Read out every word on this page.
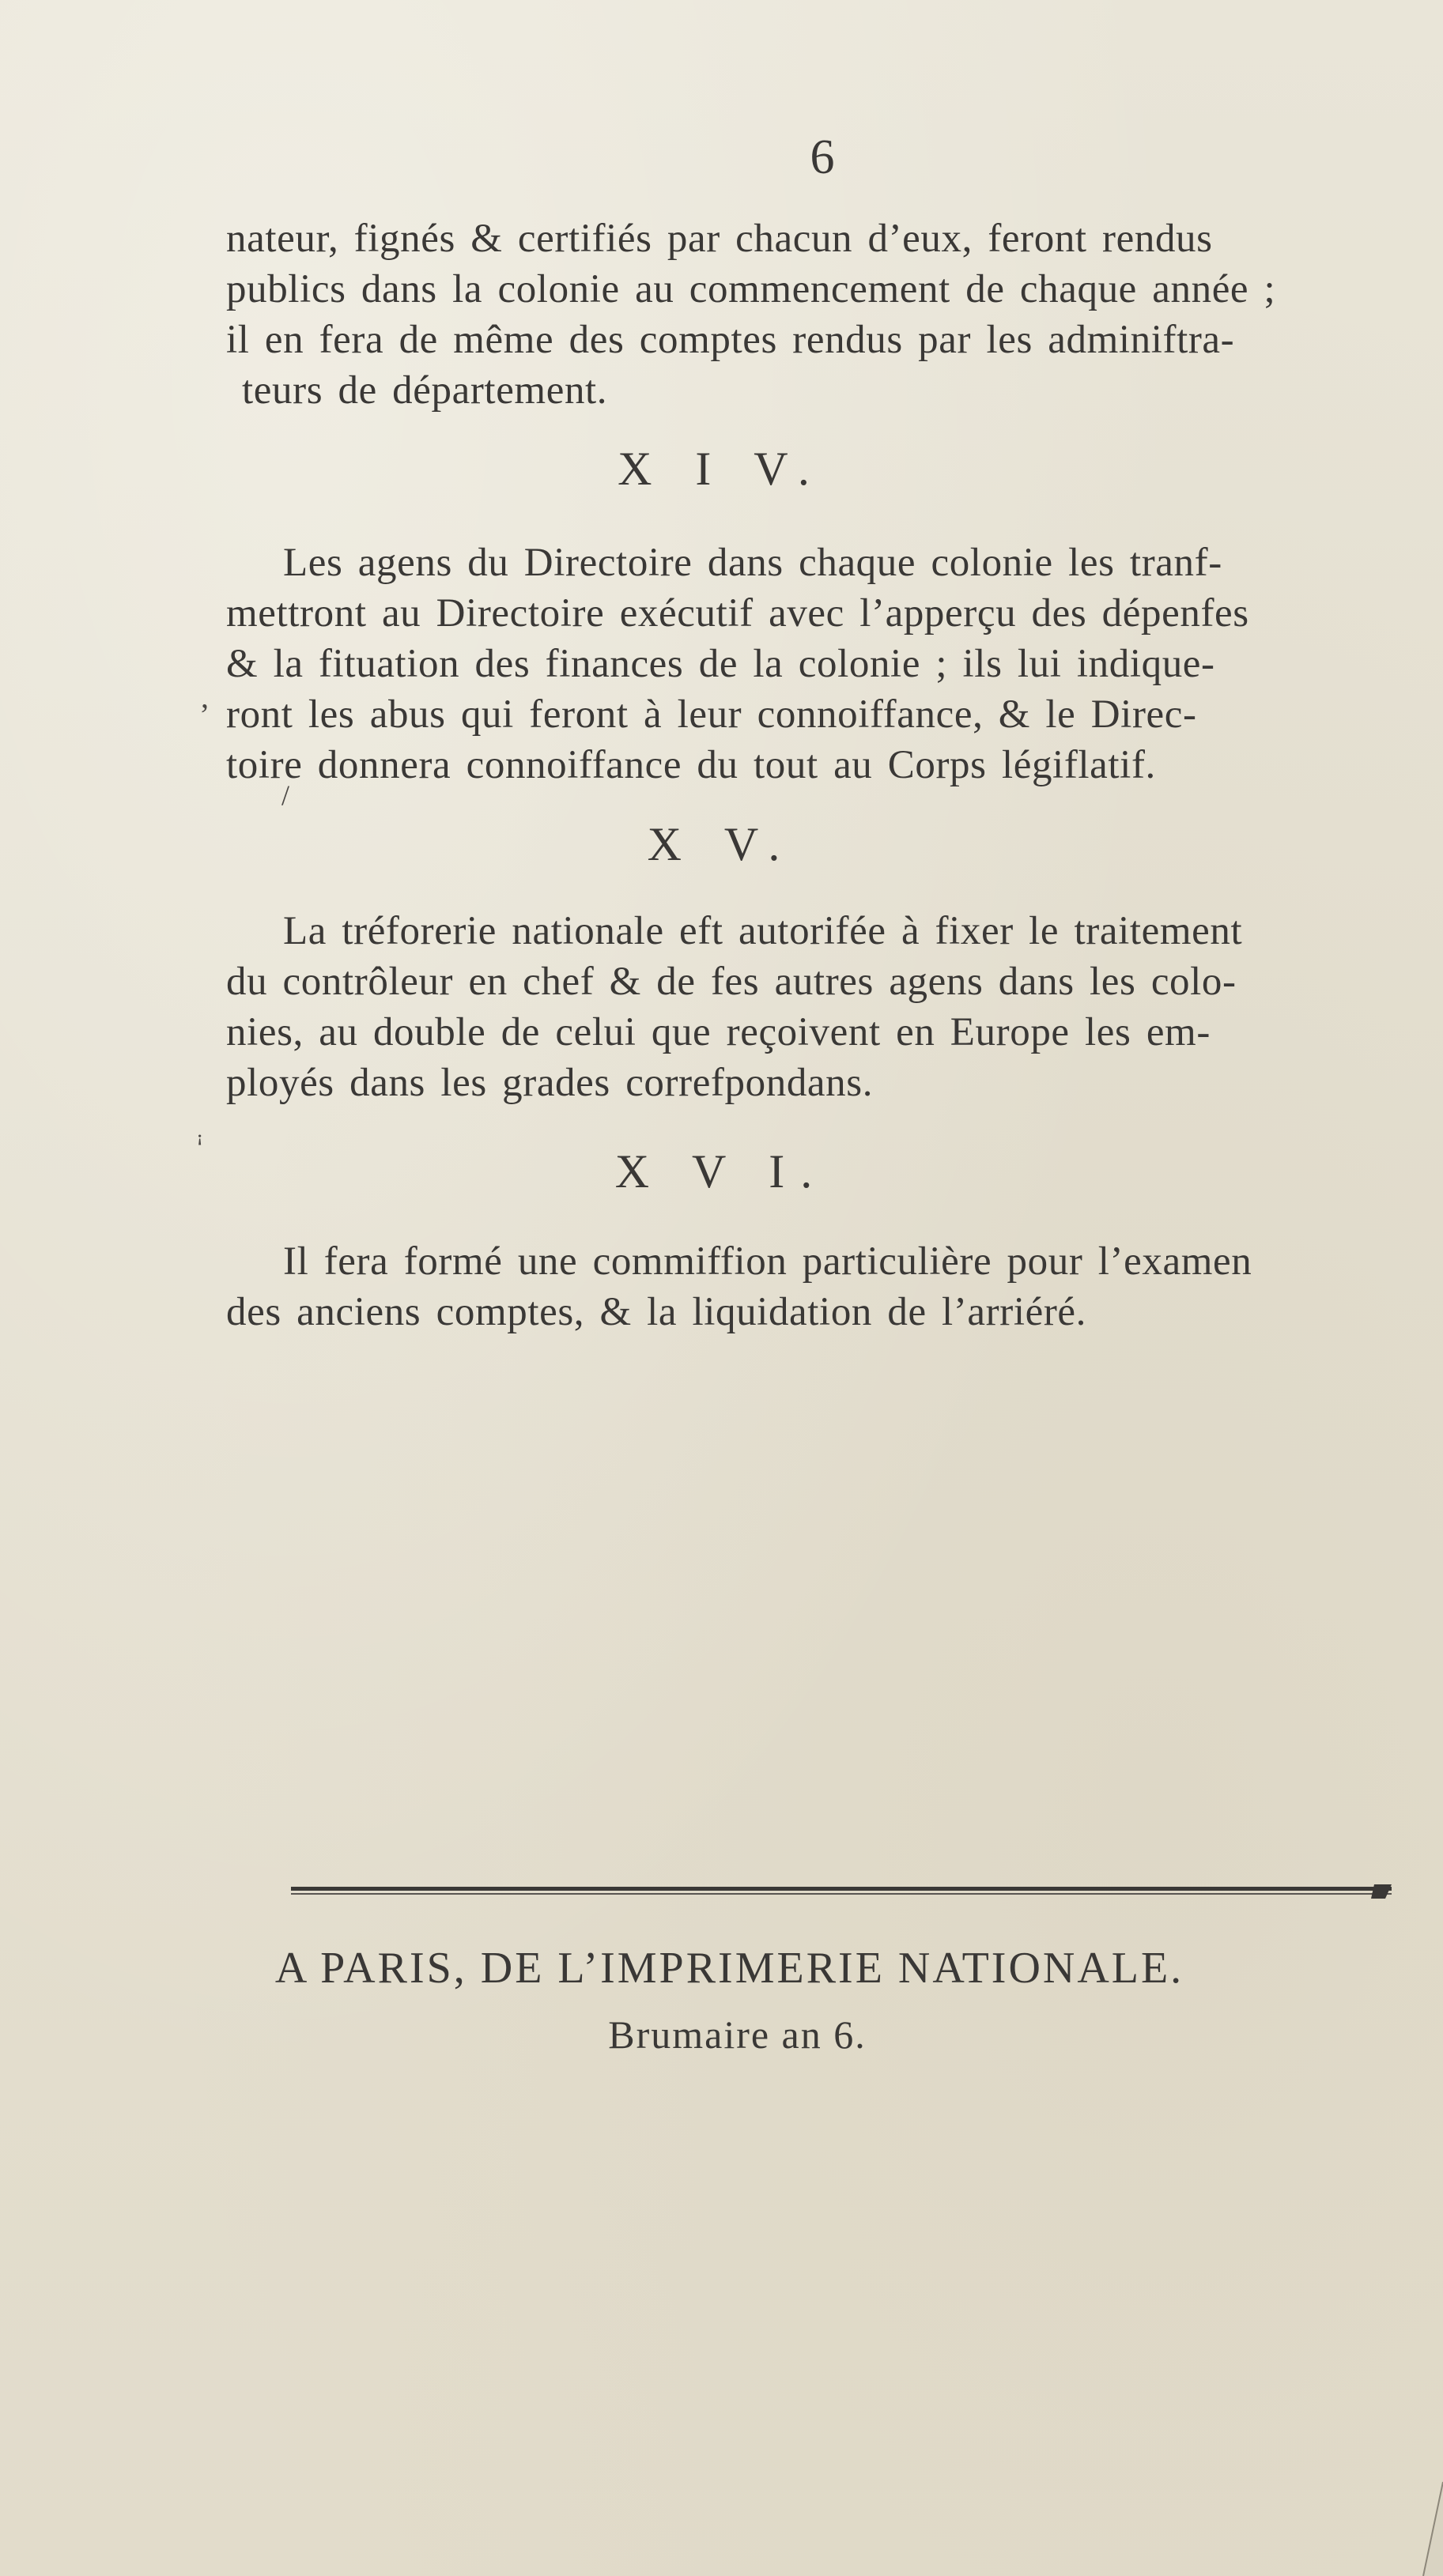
6
nateur, fignés & certifiés par chacun d’eux, feront rendus
publics dans la colonie au commencement de chaque année ;
il en fera de même des comptes rendus par les adminiftra-
teurs de département.
X I V.
Les agens du Directoire dans chaque colonie les tranf-
mettront au Directoire exécutif avec l’apperçu des dépenfes
& la fituation des finances de la colonie ; ils lui indique-
ront les abus qui feront à leur connoiffance, & le Direc-
toire donnera connoiffance du tout au Corps légiflatif.
X V.
La tréforerie nationale eft autorifée à fixer le traitement
du contrôleur en chef & de fes autres agens dans les colo-
nies, au double de celui que reçoivent en Europe les em-
ployés dans les grades correfpondans.
X V I.
Il fera formé une commiffion particulière pour l’examen
des anciens comptes, & la liquidation de l’arriéré.
A PARIS, DE L’IMPRIMERIE NATIONALE.
Brumaire an 6.
ꜟ
,
/
